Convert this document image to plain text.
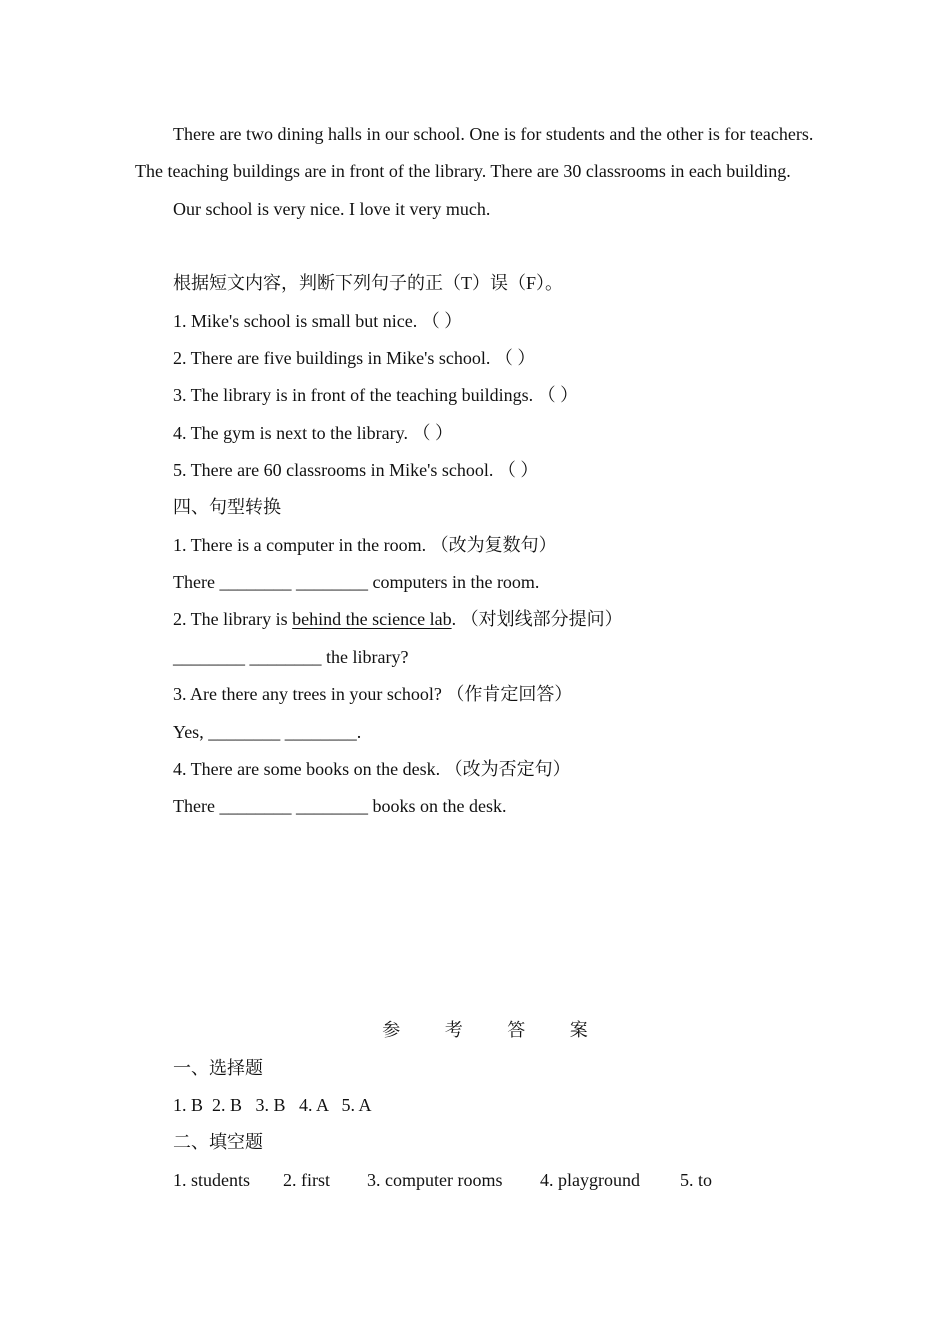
There are two dining halls in our school. One is for students and the other is for teachers. The teaching buildings are in front of the library. There are 30 classrooms in each building.

Our school is very nice. I love it very much.

根据短文内容，判断下列句子的正（T）误（F）。
1. Mike's school is small but nice. （ ）
2. There are five buildings in Mike's school. （ ）
3. The library is in front of the teaching buildings. （ ）
4. The gym is next to the library. （ ）
5. There are 60 classrooms in Mike's school. （ ）
四、句型转换
1. There is a computer in the room. （改为复数句）
There ________ ________ computers in the room.
2. The library is behind the science lab. （对划线部分提问）
________ ________ the library?
3. Are there any trees in your school? （作肯定回答）
Yes, ________ ________.
4. There are some books on the desk. （改为否定句）
There ________ ________ books on the desk.
参 考 答 案
一、选择题
1. B  2. B   3. B   4. A   5. A
二、填空题
1. students 2. first 3. computer rooms 4. playground 5. to
